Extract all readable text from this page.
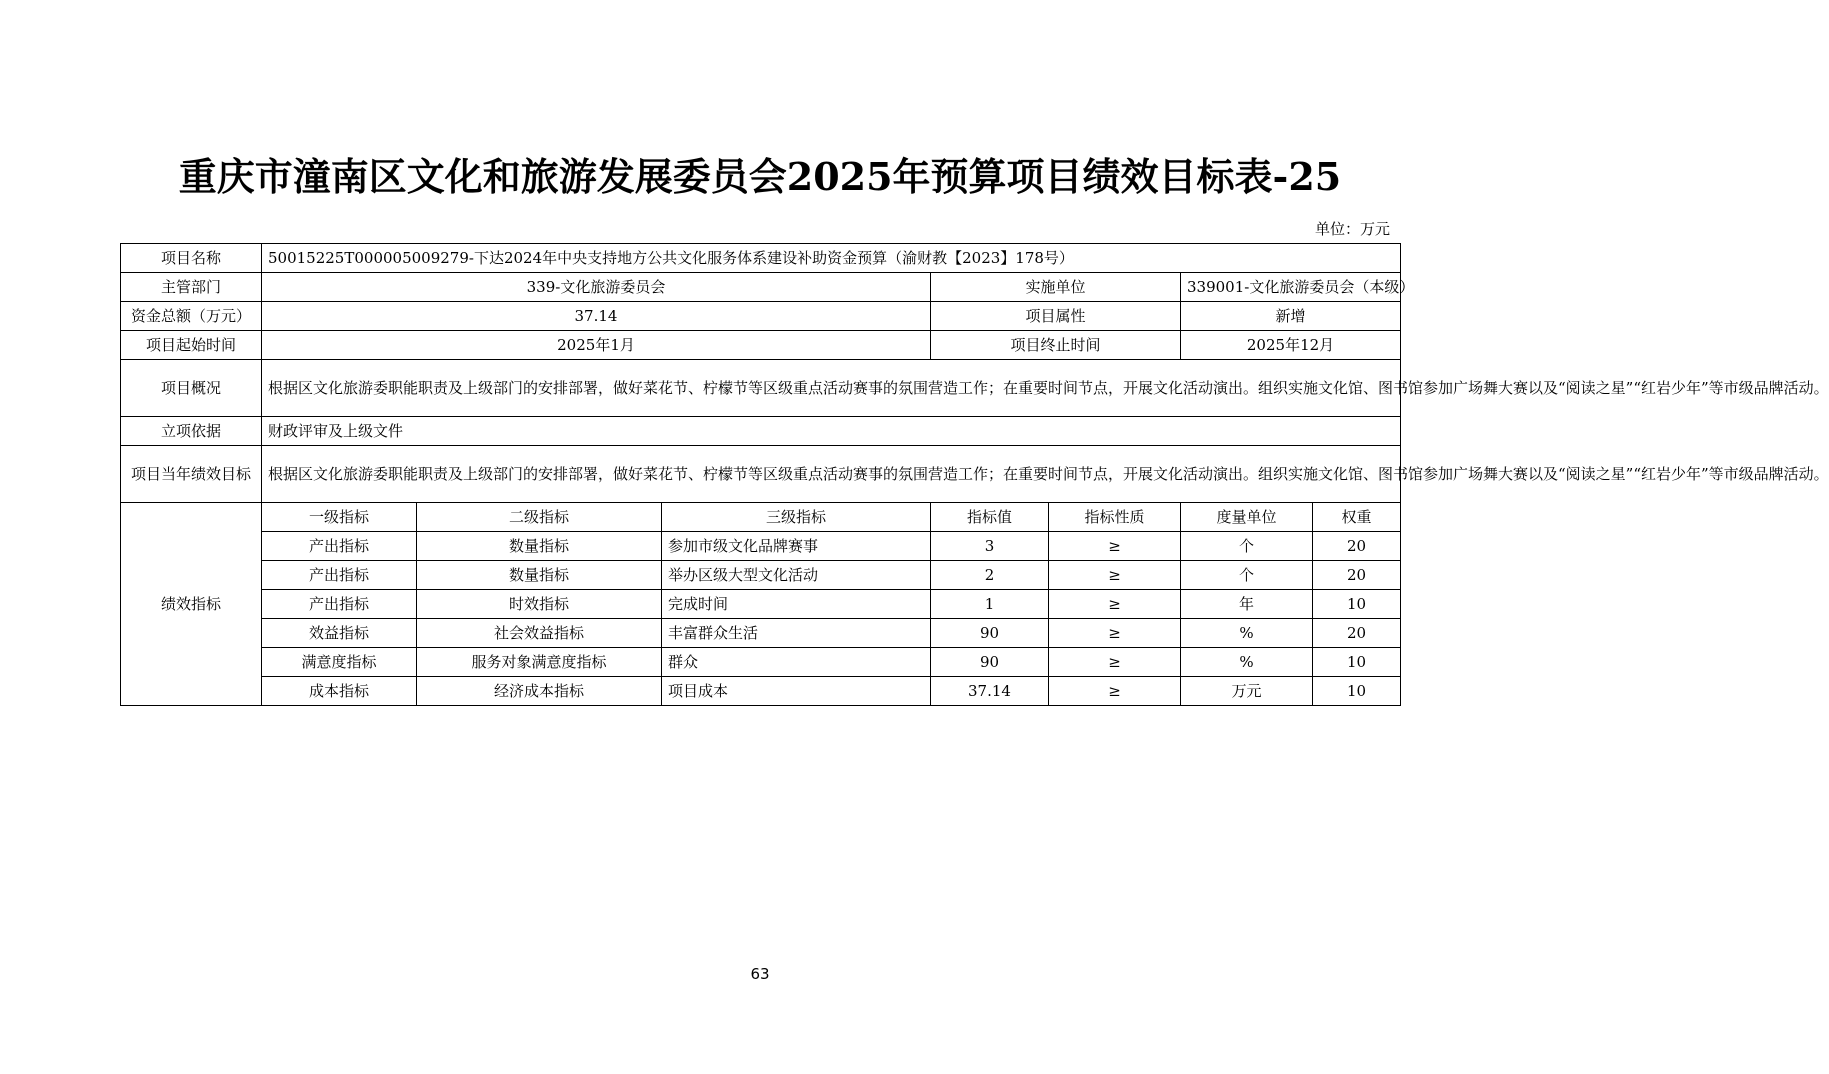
重庆市潼南区文化和旅游发展委员会2025年预算项目绩效目标表-25
单位：万元
项目名称	50015225T000005009279-下达2024年中央支持地方公共文化服务体系建设补助资金预算（渝财教【2023】178号）						
主管部门	339-文化旅游委员会			实施单位		339001-文化旅游委员会（本级）	
资金总额（万元）	37.14			项目属性		新增	
项目起始时间	2025年1月			项目终止时间		2025年12月	
项目概况	根据区文化旅游委职能职责及上级部门的安排部署，做好菜花节、柠檬节等区级重点活动赛事的氛围营造工作；在重要时间节点，开展文化活动演出。组织实施文化馆、图书馆参加广场舞大赛以及“阅读之星”“红岩少年”等市级品牌活动。						
立项依据	财政评审及上级文件						
项目当年绩效目标	根据区文化旅游委职能职责及上级部门的安排部署，做好菜花节、柠檬节等区级重点活动赛事的氛围营造工作；在重要时间节点，开展文化活动演出。组织实施文化馆、图书馆参加广场舞大赛以及“阅读之星”“红岩少年”等市级品牌活动。						
绩效指标	一级指标	二级指标	三级指标	指标值	指标性质	度量单位	权重
	产出指标	数量指标	参加市级文化品牌赛事	3	≥	个	20
	产出指标	数量指标	举办区级大型文化活动	2	≥	个	20
	产出指标	时效指标	完成时间	1	≥	年	10
	效益指标	社会效益指标	丰富群众生活	90	≥	%	20
	满意度指标	服务对象满意度指标	群众	90	≥	%	10
	成本指标	经济成本指标	项目成本	37.14	≥	万元	10
63
